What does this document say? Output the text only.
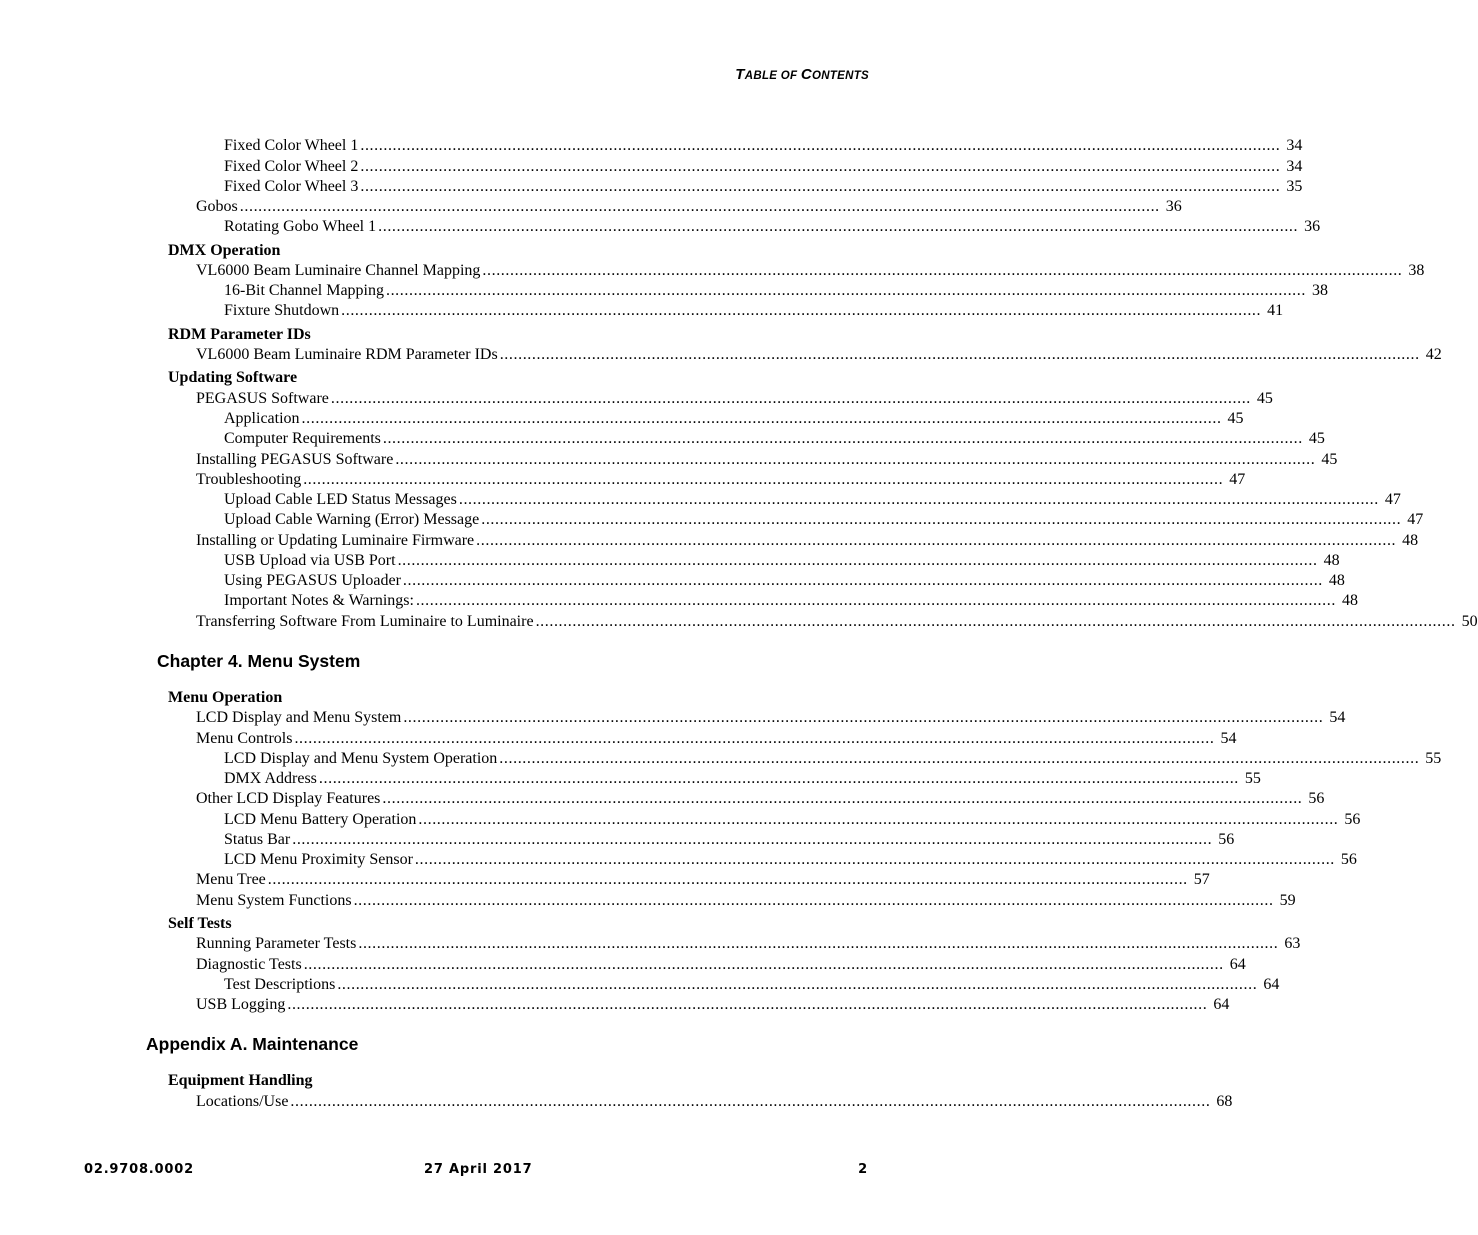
TABLE OF CONTENTS
Fixed Color Wheel 1 ........................................................................................................................................................................................................ 34
Fixed Color Wheel 2 ........................................................................................................................................................................................................ 34
Fixed Color Wheel 3 ........................................................................................................................................................................................................ 35
Gobos ........................................................................................................................................................................................................ 36
Rotating Gobo Wheel 1 ........................................................................................................................................................................................................ 36
DMX Operation
VL6000 Beam Luminaire Channel Mapping ........................................................................................................................................................................................................ 38
16-Bit Channel Mapping ........................................................................................................................................................................................................ 38
Fixture Shutdown ........................................................................................................................................................................................................ 41
RDM Parameter IDs
VL6000 Beam Luminaire RDM Parameter IDs ........................................................................................................................................................................................................ 42
Updating Software
PEGASUS Software ........................................................................................................................................................................................................ 45
Application ........................................................................................................................................................................................................ 45
Computer Requirements ........................................................................................................................................................................................................ 45
Installing PEGASUS Software ........................................................................................................................................................................................................ 45
Troubleshooting ........................................................................................................................................................................................................ 47
Upload Cable LED Status Messages ........................................................................................................................................................................................................ 47
Upload Cable Warning (Error) Message ........................................................................................................................................................................................................ 47
Installing or Updating Luminaire Firmware ........................................................................................................................................................................................................ 48
USB Upload via USB Port ........................................................................................................................................................................................................ 48
Using PEGASUS Uploader ........................................................................................................................................................................................................ 48
Important Notes & Warnings: ........................................................................................................................................................................................................ 48
Transferring Software From Luminaire to Luminaire ........................................................................................................................................................................................................ 50
Chapter 4. Menu System
Menu Operation
LCD Display and Menu System ........................................................................................................................................................................................................ 54
Menu Controls ........................................................................................................................................................................................................ 54
LCD Display and Menu System Operation ........................................................................................................................................................................................................ 55
DMX Address ........................................................................................................................................................................................................ 55
Other LCD Display Features ........................................................................................................................................................................................................ 56
LCD Menu Battery Operation ........................................................................................................................................................................................................ 56
Status Bar ........................................................................................................................................................................................................ 56
LCD Menu Proximity Sensor ........................................................................................................................................................................................................ 56
Menu Tree ........................................................................................................................................................................................................ 57
Menu System Functions ........................................................................................................................................................................................................ 59
Self Tests
Running Parameter Tests ........................................................................................................................................................................................................ 63
Diagnostic Tests ........................................................................................................................................................................................................ 64
Test Descriptions ........................................................................................................................................................................................................ 64
USB Logging ........................................................................................................................................................................................................ 64
Appendix A. Maintenance
Equipment Handling
Locations/Use ........................................................................................................................................................................................................ 68
02.9708.0002	27 April 2017	2
